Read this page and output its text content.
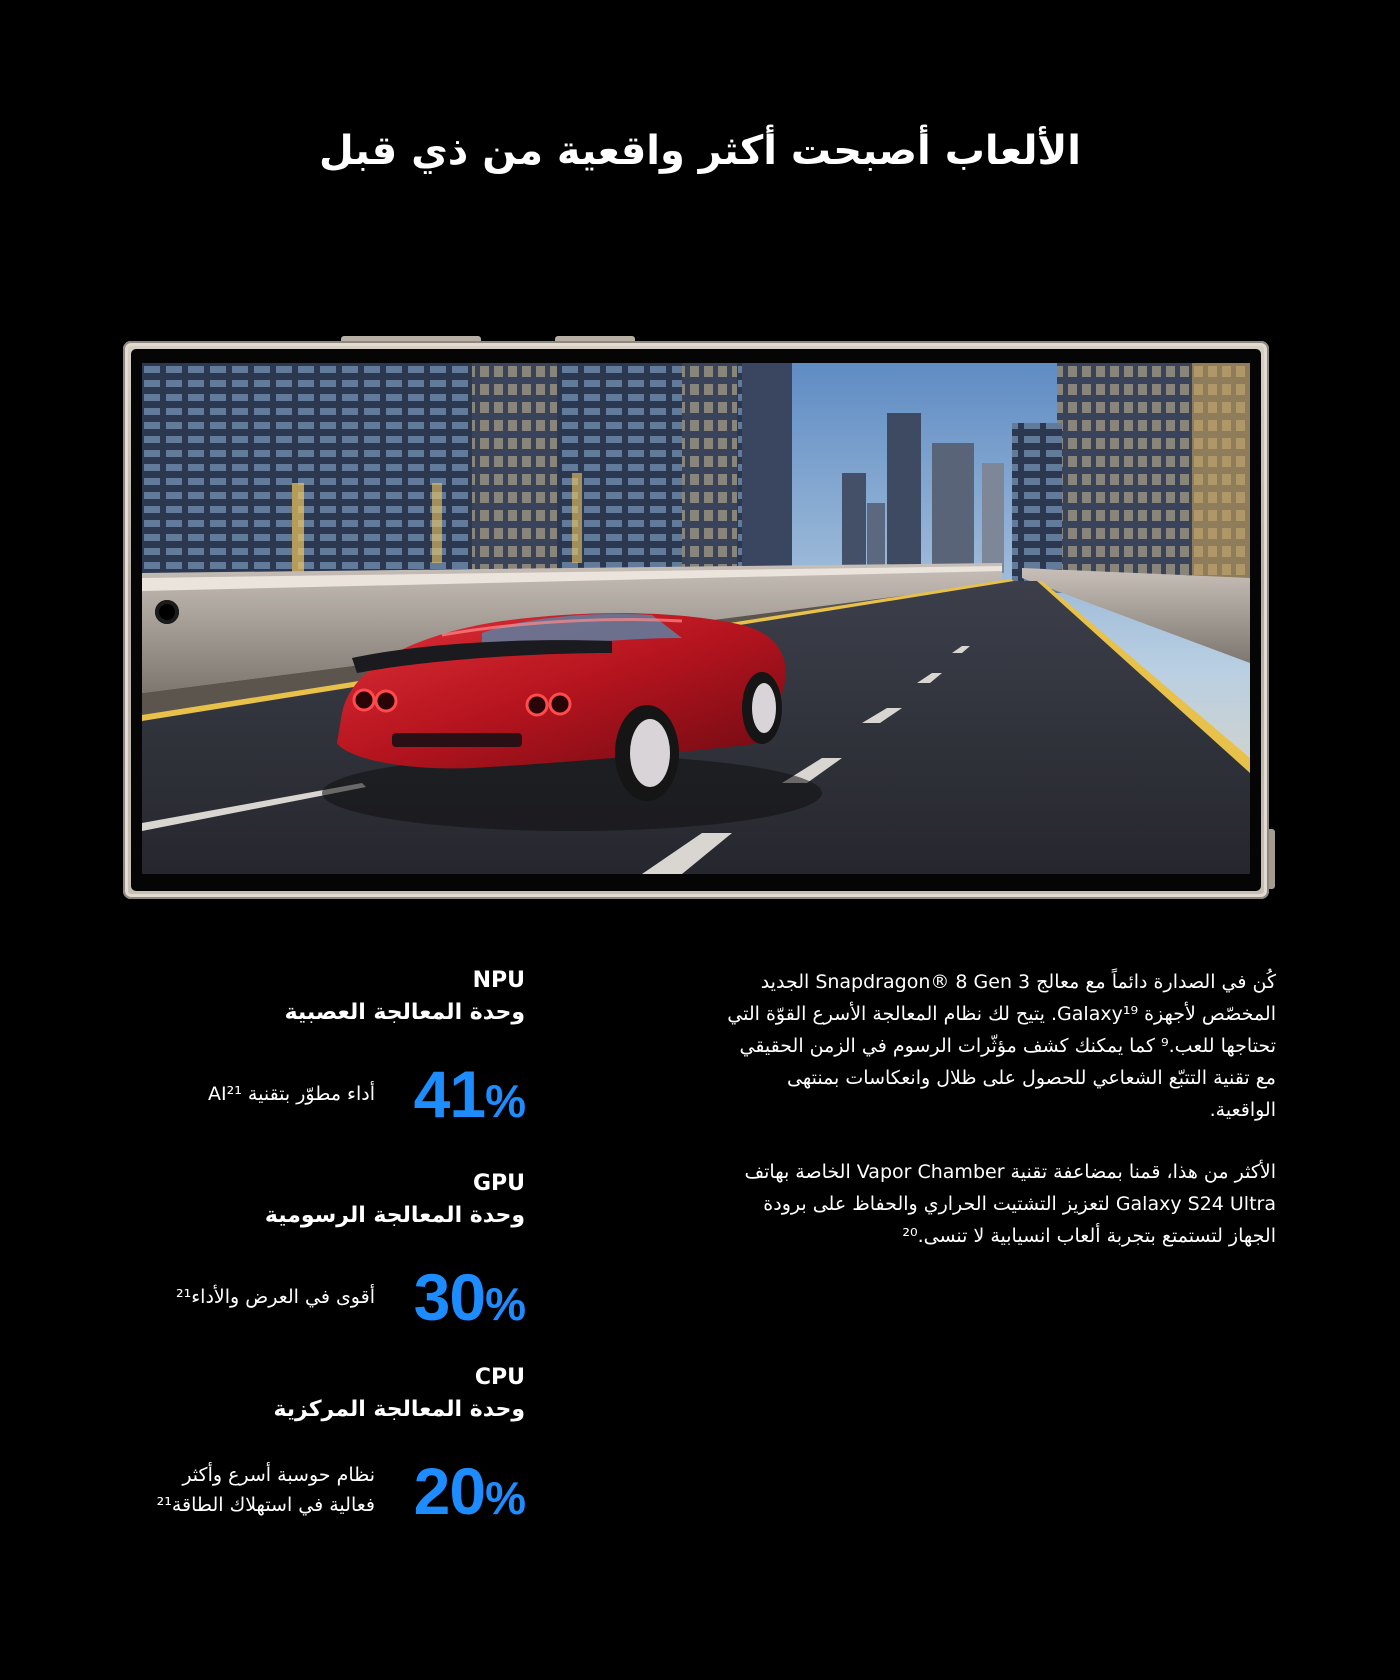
الألعاب أصبحت أكثر واقعية من ذي قبل

كُن في الصدارة دائماً مع معالج Snapdragon® 8 Gen 3 الجديد المخصّص لأجهزة Galaxy¹⁹. يتيح لك نظام المعالجة الأسرع القوّة التي تحتاجها للعب.⁹ كما يمكنك كشف مؤثّرات الرسوم في الزمن الحقيقي مع تقنية التتبّع الشعاعي للحصول على ظلال وانعكاسات بمنتهى الواقعية.

الأكثر من هذا، قمنا بمضاعفة تقنية Vapor Chamber الخاصة بهاتف Galaxy S24 Ultra لتعزيز التشتيت الحراري والحفاظ على برودة الجهاز لتستمتع بتجربة ألعاب انسيابية لا تنسى.²⁰

NPU
وحدة المعالجة العصبية
41%
أداء مطوّر بتقنية AI²¹
GPU
وحدة المعالجة الرسومية
30%
أقوى في العرض والأداء²¹
CPU
وحدة المعالجة المركزية
20%
نظام حوسبة أسرع وأكثر فعالية في استهلاك الطاقة²¹
